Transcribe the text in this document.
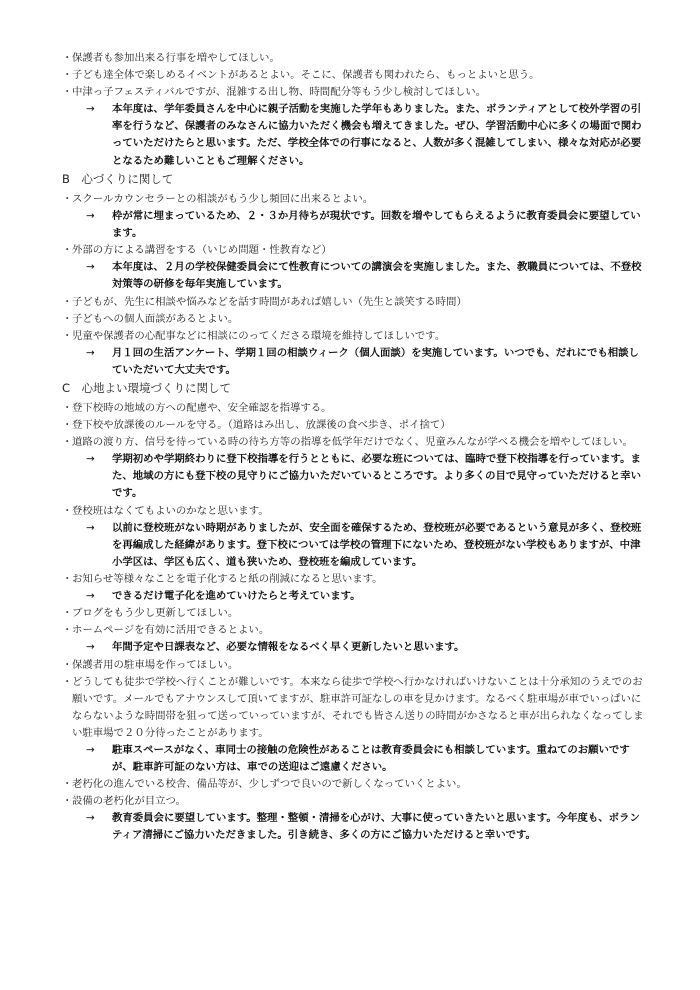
・ 保護者も参加出来る行事を増やしてほしい。
・ 子ども達全体で楽しめるイベントがあるとよい。そこに、保護者も関われたら、もっとよいと思う。
・ 中津っ子フェスティバルですが、混雑する出し物、時間配分等もう少し検討してほしい。
→ 本年度は、学年委員さんを中心に親子活動を実施した学年もありました。また、ボランティアとして校外学習の引率を行うなど、保護者のみなさんに協力いただく機会も増えてきました。ぜひ、学習活動中心に多くの場面で関わっていただけたらと思います。ただ、学校全体での行事になると、人数が多く混雑してしまい、様々な対応が必要となるため難しいこともご理解ください。
B　心づくりに関して
・ スクールカウンセラーとの相談がもう少し頻回に出来るとよい。
→ 枠が常に埋まっているため、２・３か月待ちが現状です。回数を増やしてもらえるように教育委員会に要望しています。
・ 外部の方による講習をする（いじめ問題・性教育など）
→ 本年度は、２月の学校保健委員会にて性教育についての講演会を実施しました。また、教職員については、不登校対策等の研修を毎年実施しています。
・ 子どもが、先生に相談や悩みなどを話す時間があれば嬉しい（先生と談笑する時間）
・ 子どもへの個人面談があるとよい。
・ 児童や保護者の心配事などに相談にのってくださる環境を維持してほしいです。
→ 月１回の生活アンケート、学期１回の相談ウィーク（個人面談）を実施しています。いつでも、だれにでも相談していただいて大丈夫です。
C　心地よい環境づくりに関して
・ 登下校時の地域の方への配慮や、安全確認を指導する。
・ 登下校や放課後のルールを守る。（道路はみ出し、放課後の食べ歩き、ポイ捨て）
・ 道路の渡り方、信号を待っている時の待ち方等の指導を低学年だけでなく、児童みんなが学べる機会を増やしてほしい。
→ 学期初めや学期終わりに登下校指導を行うとともに、必要な班については、臨時で登下校指導を行っています。また、地域の方にも登下校の見守りにご協力いただいているところです。より多くの目で見守っていただけると幸いです。
・ 登校班はなくてもよいのかなと思います。
→ 以前に登校班がない時期がありましたが、安全面を確保するため、登校班が必要であるという意見が多く、登校班を再編成した経緯があります。登下校については学校の管理下にないため、登校班がない学校もありますが、中津小学区は、学区も広く、道も狭いため、登校班を編成しています。
・ お知らせ等様々なことを電子化すると紙の削減になると思います。
→ できるだけ電子化を進めていけたらと考えています。
・ ブログをもう少し更新してほしい。
・ ホームページを有効に活用できるとよい。
→ 年間予定や日課表など、必要な情報をなるべく早く更新したいと思います。
・ 保護者用の駐車場を作ってほしい。
・ どうしても徒歩で学校へ行くことが難しいです。本来なら徒歩で学校へ行かなければいけないことは十分承知のうえでのお願いです。メールでもアナウンスして頂いてますが、駐車許可証なしの車を見かけます。なるべく駐車場が車でいっぱいにならないような時間帯を狙って送っていっていますが、それでも皆さん送りの時間がかさなると車が出られなくなってしまい駐車場で２０分待ったことがあります。
→ 駐車スペースがなく、車同士の接触の危険性があることは教育委員会にも相談しています。重ねてのお願いですが、駐車許可証のない方は、車での送迎はご遠慮ください。
・ 老朽化の進んでいる校舎、備品等が、少しずつで良いので新しくなっていくとよい。
・ 設備の老朽化が目立つ。
→ 教育委員会に要望しています。整理・整頓・清掃を心がけ、大事に使っていきたいと思います。今年度も、ボランティア清掃にご協力いただきました。引き続き、多くの方にご協力いただけると幸いです。
